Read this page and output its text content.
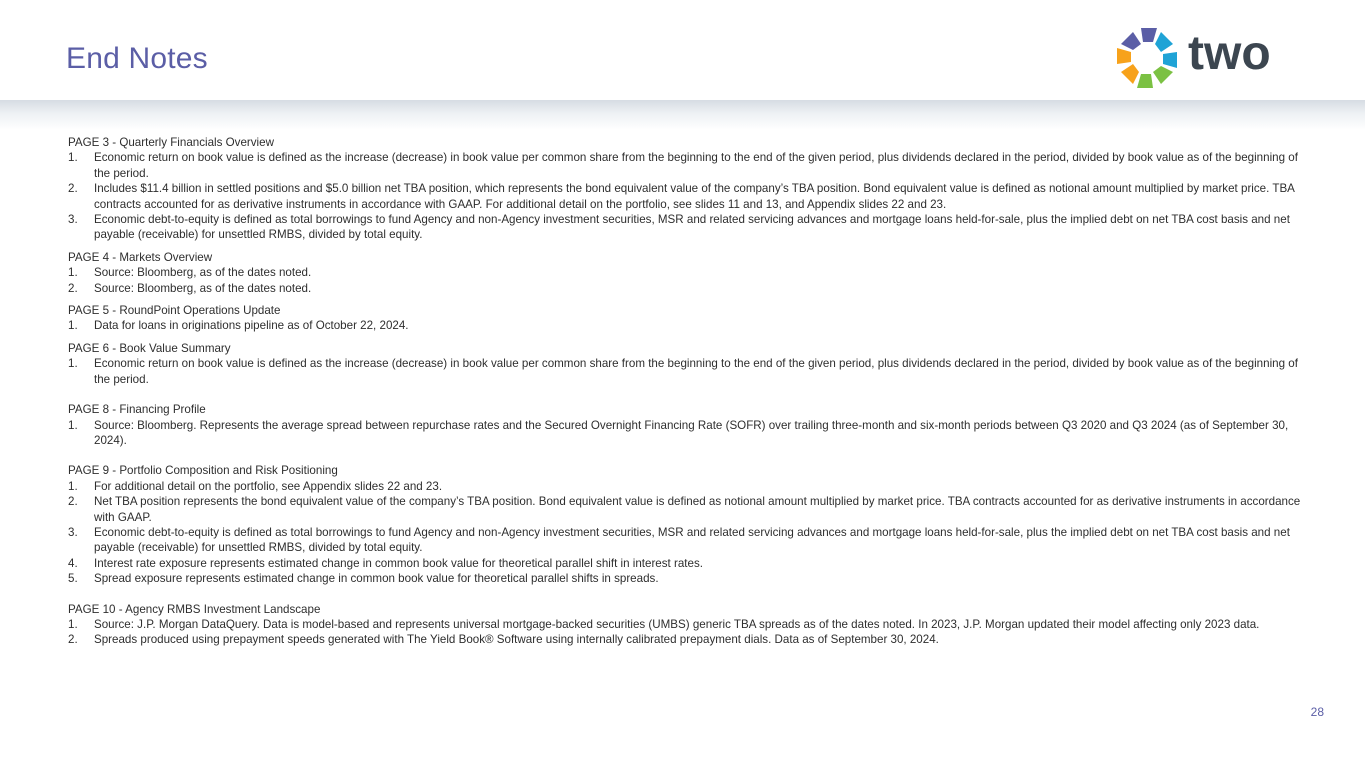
End Notes	two
PAGE 3 - Quarterly Financials Overview
1.	Economic return on book value is defined as the increase (decrease) in book value per common share from the beginning to the end of the given period, plus dividends declared in the period, divided by book value as of the beginning of the period.
2.	Includes $11.4 billion in settled positions and $5.0 billion net TBA position, which represents the bond equivalent value of the company’s TBA position. Bond equivalent value is defined as notional amount multiplied by market price. TBA contracts accounted for as derivative instruments in accordance with GAAP. For additional detail on the portfolio, see slides 11 and 13, and Appendix slides 22 and 23.
3.	Economic debt-to-equity is defined as total borrowings to fund Agency and non-Agency investment securities, MSR and related servicing advances and mortgage loans held-for-sale, plus the implied debt on net TBA cost basis and net payable (receivable) for unsettled RMBS, divided by total equity.
PAGE 4 - Markets Overview
1.	Source: Bloomberg, as of the dates noted.
2.	Source: Bloomberg, as of the dates noted.
PAGE 5 - RoundPoint Operations Update
1.	Data for loans in originations pipeline as of October 22, 2024.
PAGE 6 - Book Value Summary
1.	Economic return on book value is defined as the increase (decrease) in book value per common share from the beginning to the end of the given period, plus dividends declared in the period, divided by book value as of the beginning of the period.
PAGE 8 - Financing Profile
1.	Source: Bloomberg. Represents the average spread between repurchase rates and the Secured Overnight Financing Rate (SOFR) over trailing three-month and six-month periods between Q3 2020 and Q3 2024 (as of September 30, 2024).
PAGE 9 - Portfolio Composition and Risk Positioning
1.	For additional detail on the portfolio, see Appendix slides 22 and 23.
2.	Net TBA position represents the bond equivalent value of the company’s TBA position. Bond equivalent value is defined as notional amount multiplied by market price. TBA contracts accounted for as derivative instruments in accordance with GAAP.
3.	Economic debt-to-equity is defined as total borrowings to fund Agency and non-Agency investment securities, MSR and related servicing advances and mortgage loans held-for-sale, plus the implied debt on net TBA cost basis and net payable (receivable) for unsettled RMBS, divided by total equity.
4.	Interest rate exposure represents estimated change in common book value for theoretical parallel shift in interest rates.
5.	Spread exposure represents estimated change in common book value for theoretical parallel shifts in spreads.
PAGE 10 - Agency RMBS Investment Landscape
1.	Source: J.P. Morgan DataQuery. Data is model-based and represents universal mortgage-backed securities (UMBS) generic TBA spreads as of the dates noted. In 2023, J.P. Morgan updated their model affecting only 2023 data.
2.	Spreads produced using prepayment speeds generated with The Yield Book® Software using internally calibrated prepayment dials. Data as of September 30, 2024.
28
